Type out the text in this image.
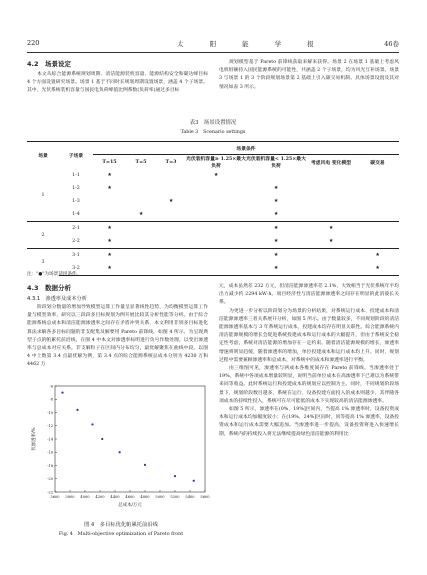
220	太 阳 能 学 报	46卷
4.2　场景设定
本文从综合能源系统规划周期、清洁能源装机容量、能源结构安全和碳达峰目标 4 个方面设置研究场景。场景 1 基于不同时长规划周期设置场景，涵盖 4 个子场景。其中，光伏系统装机容量与国民电负荷峰值比例系数(负荷率)通过多目标
规划模型基于 Pareto 前锋线获取来解来获得。场景 2 在场景 1 基础上考虑风电机组额持入国民能源系统的可能性，共涵盖 2 个子场景，均为风光互补场景。场景 3 与场景 1 的 3 个阶段规划场景第 2 基础上引入碳交易机制。具体场景设置及其对情况如表 3 所示。
表3　场景设置情况
Table 3　Scenario settings
场景	子场景	场景条件						
		T=15	T=5	T=3	光伏装机容量≥ 1.25×最大负荷	光伏装机容量< 1.25×最大负荷	考虑风电 变化模型	碳交易

1	1-1	★			★			
	1-2	★				★		
	1-3			★		★		
	1-4		★			★		
2	2-1	★				★	★	
	2-2	★				★	★	
3	3-1	★				★		★
	3-2	★				★		★
注："●"为场景适用条件。
4.3　数据分析
4.3.1　渗透率及成本分析
阶段划分数量的增加导致模型运算工作量呈显著线性趋势，为均衡模型运算工作量与模型效率，研究以三段段多目标规划为例开展比较其分析性能等分析。由于综合能源系统总成本和清洁能源渗透率之间存在矛盾冲突关系，本文利用非别多目标进化算法求解各多目标问题的非支配集及解要用 Pareto 前锋线，如图 4 所示。为呈现典型子点的帕累托前沿线，在图 4 中本文对渗透率标明进行负号作数处理。以变出渗透率与总成本对应关系。非支解粒子在区间内分布均匀，最优解聚焦在曲线中段。以图 4 中上数第 3.4 点最优解为例，第 3.4 点的综合能源系统总成本分别为 4230 万和 4462 万
3600 3800 4000 4200 4400 4600 4800 5000 5200 5400 5600
-22
-20
-18
-16
-14
-12
-10
-8
-6
总成本/万元
负渗透率/%
图 4　多目标优化帕累托前沿线
Fig. 4　Multi-objective optimization of Pareto front
元，成本虽然差 232 万元，但清洁能源渗透率差 2.1%，大致相当于光伏系统年平均出力减少约 2294 kW·h。项目经济性与清洁能源渗透率之间存在明显的此消彼长关系。
为更进一步分析以阶段划分为场景的分析结果，对系统运行成本、投建成本和清洁能源渗透率三者关系展开分析，如图 5 所示。由于数量较多，不同规划阶段的清洁能源渗透率基本与 3 年系统运行成本，投建成本均存在明显关联性。综合能源系统内清洁能源规模的增长会促进系统投建成本和运行成本的大幅提升，但由于系统安全稳定性考虑，系统对清洁能源的增加存在一定约束。随着清洁能源规模的增长，渗透率增速将明显趋缓，随着渗透率的增加，单位投建成本和运行成本均上升。同时，规划过程中需要兼顾渗透率和总成本，对系统中的成本和渗透率进行平衡。
由三维图可见，渗透率与两成本各维度间存在 Pareto 前锋线。当渗透率处于 19%，系统中各项成本增量较明显，说明当前单位成本在高渗透率下已难以为系统带来同等收益。此时系统运行和投建成本的规划应以控制为主。同时，不同规划阶段场景下，规划阶段数目越多，系统在运行、设备投建方面投入的成本则越少，其伴随各项成本的持续性投入，系统可在尽可能低的成本下实现较高的清洁能源渗透率。
如图 5 所示，渗透率在(0%，19%]区间内，当提高 1% 渗透率时，设备投资成本和运行成本均加幅度较小；在(19%，24%]区间时，同等提高 1% 渗透率，设备投资成本和运行成本需要大幅追加。当渗透率进一步提高，设备投资将进入快速增长期，系统内的持续投入将无法继续提高绿色清洁能源的利用比
